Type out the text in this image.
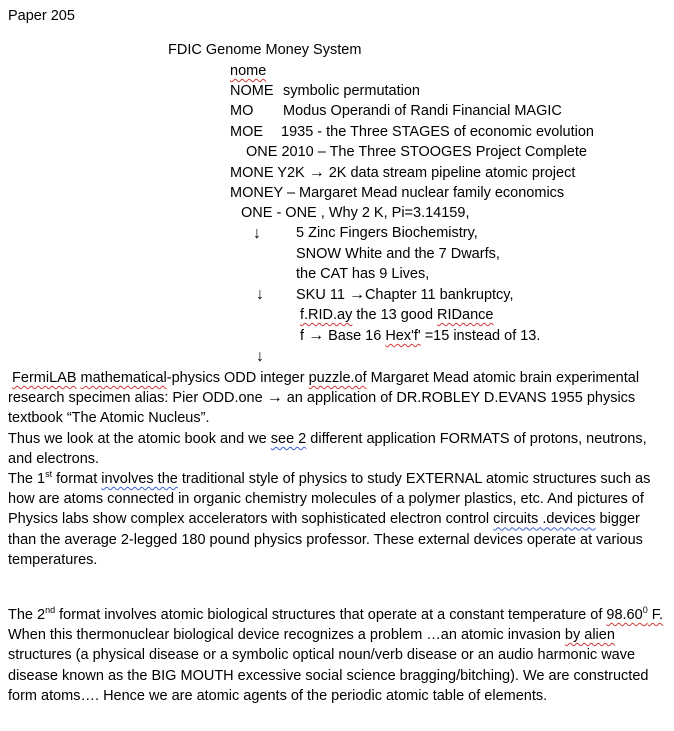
Paper 205
FDIC Genome Money System
nome
NOME symbolic permutation
MO Modus Operandi of Randi Financial MAGIC
MOE 1935 - the Three STAGES of economic evolution
ONE 2010 – The Three STOOGES Project Complete
MONE Y2K → 2K data stream pipeline atomic project
MONEY – Margaret Mead nuclear family economics
ONE - ONE , Why 2 K, Pi=3.14159,
↓ 5 Zinc Fingers Biochemistry,
SNOW White and the 7 Dwarfs,
the CAT has 9 Lives,
↓ SKU 11 →Chapter 11 bankruptcy,
f.RID.ay the 13 good RIDance
f → Base 16 Hex'f' =15 instead of 13.
↓
FermiLAB mathematical-physics ODD integer puzzle.of Margaret Mead atomic brain experimental research specimen alias: Pier ODD.one → an application of DR.ROBLEY D.EVANS 1955 physics textbook “The Atomic Nucleus”.
Thus we look at the atomic book and we see 2 different application FORMATS of protons, neutrons, and electrons.
The 1st format involves the traditional style of physics to study EXTERNAL atomic structures such as how are atoms connected in organic chemistry molecules of a polymer plastics, etc. And pictures of Physics labs show complex accelerators with sophisticated electron control circuits .devices bigger than the average 2-legged 180 pound physics professor. These external devices operate at various temperatures.
The 2nd format involves atomic biological structures that operate at a constant temperature of 98.60$^0$ F. When this thermonuclear biological device recognizes a problem …an atomic invasion by alien structures (a physical disease or a symbolic optical noun/verb disease or an audio harmonic wave disease known as the BIG MOUTH excessive social science bragging/bitching). We are constructed form atoms…. Hence we are atomic agents of the periodic atomic table of elements.
